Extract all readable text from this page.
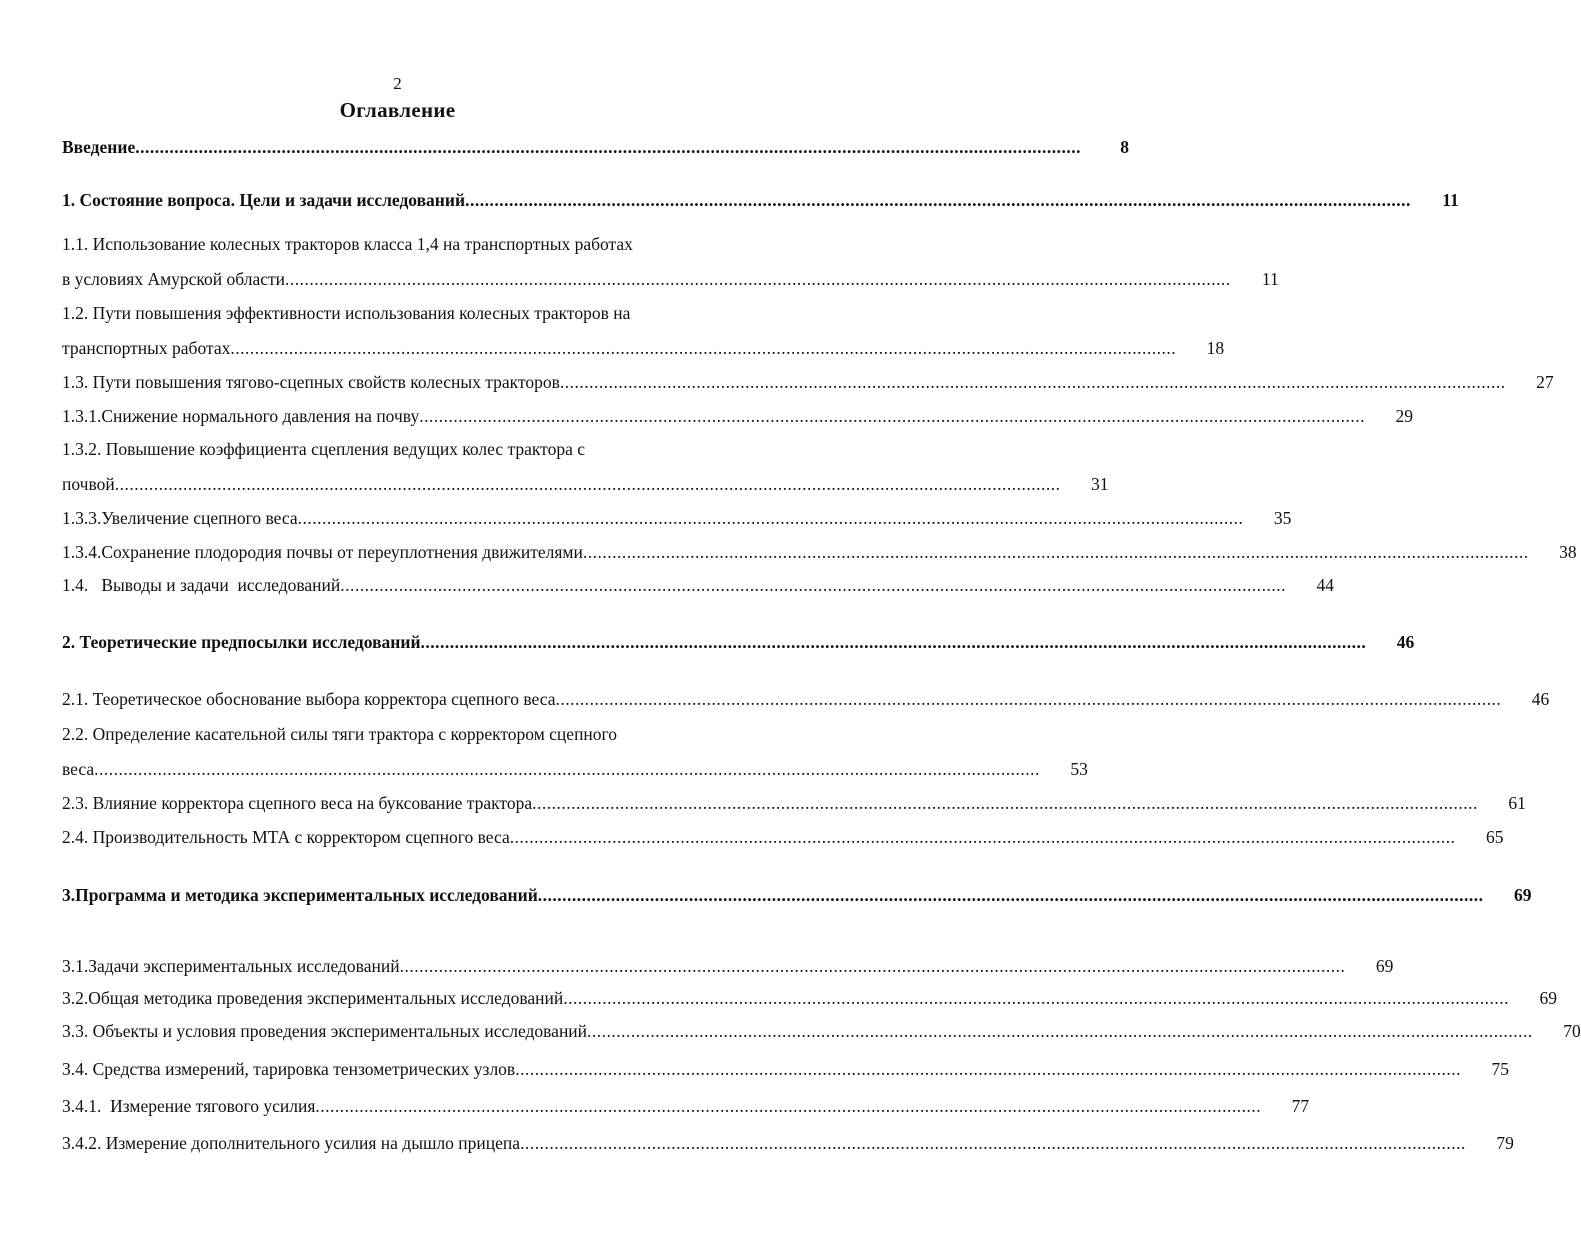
2
Оглавление
Введение ..................................................................................................................................................................................................	8
1. Состояние вопроса. Цели и задачи исследований ..................................................................................................................................................................................................	11
1.1. Использование колесных тракторов класса 1,4 на транспортных работах
в условиях Амурской области ..................................................................................................................................................................................................	11
1.2. Пути повышения эффективности использования колесных тракторов на
транспортных работах ..................................................................................................................................................................................................	18
1.3. Пути повышения тягово-сцепных свойств колесных тракторов ..................................................................................................................................................................................................	27
1.3.1.Снижение нормального давления на почву ..................................................................................................................................................................................................	29
1.3.2. Повышение коэффициента сцепления ведущих колес трактора с
почвой ..................................................................................................................................................................................................	31
1.3.3.Увеличение сцепного веса ..................................................................................................................................................................................................	35
1.3.4.Сохранение плодородия почвы от переуплотнения движителями ..................................................................................................................................................................................................	38
1.4.   Выводы и задачи  исследований ..................................................................................................................................................................................................	44
2. Теоретические предпосылки исследований ..................................................................................................................................................................................................	46
2.1. Теоретическое обоснование выбора корректора сцепного веса ..................................................................................................................................................................................................	46
2.2. Определение касательной силы тяги трактора с корректором сцепного
веса ..................................................................................................................................................................................................	53
2.3. Влияние корректора сцепного веса на буксование трактора ..................................................................................................................................................................................................	61
2.4. Производительность МТА с корректором сцепного веса ..................................................................................................................................................................................................	65
3.Программа и методика экспериментальных исследований ..................................................................................................................................................................................................	69
3.1.Задачи экспериментальных исследований ..................................................................................................................................................................................................	69
3.2.Общая методика проведения экспериментальных исследований ..................................................................................................................................................................................................	69
3.3. Объекты и условия проведения экспериментальных исследований ..................................................................................................................................................................................................	70
3.4. Средства измерений, тарировка тензометрических узлов ..................................................................................................................................................................................................	75
3.4.1.  Измерение тягового усилия ..................................................................................................................................................................................................	77
3.4.2. Измерение дополнительного усилия на дышло прицепа ..................................................................................................................................................................................................	79
